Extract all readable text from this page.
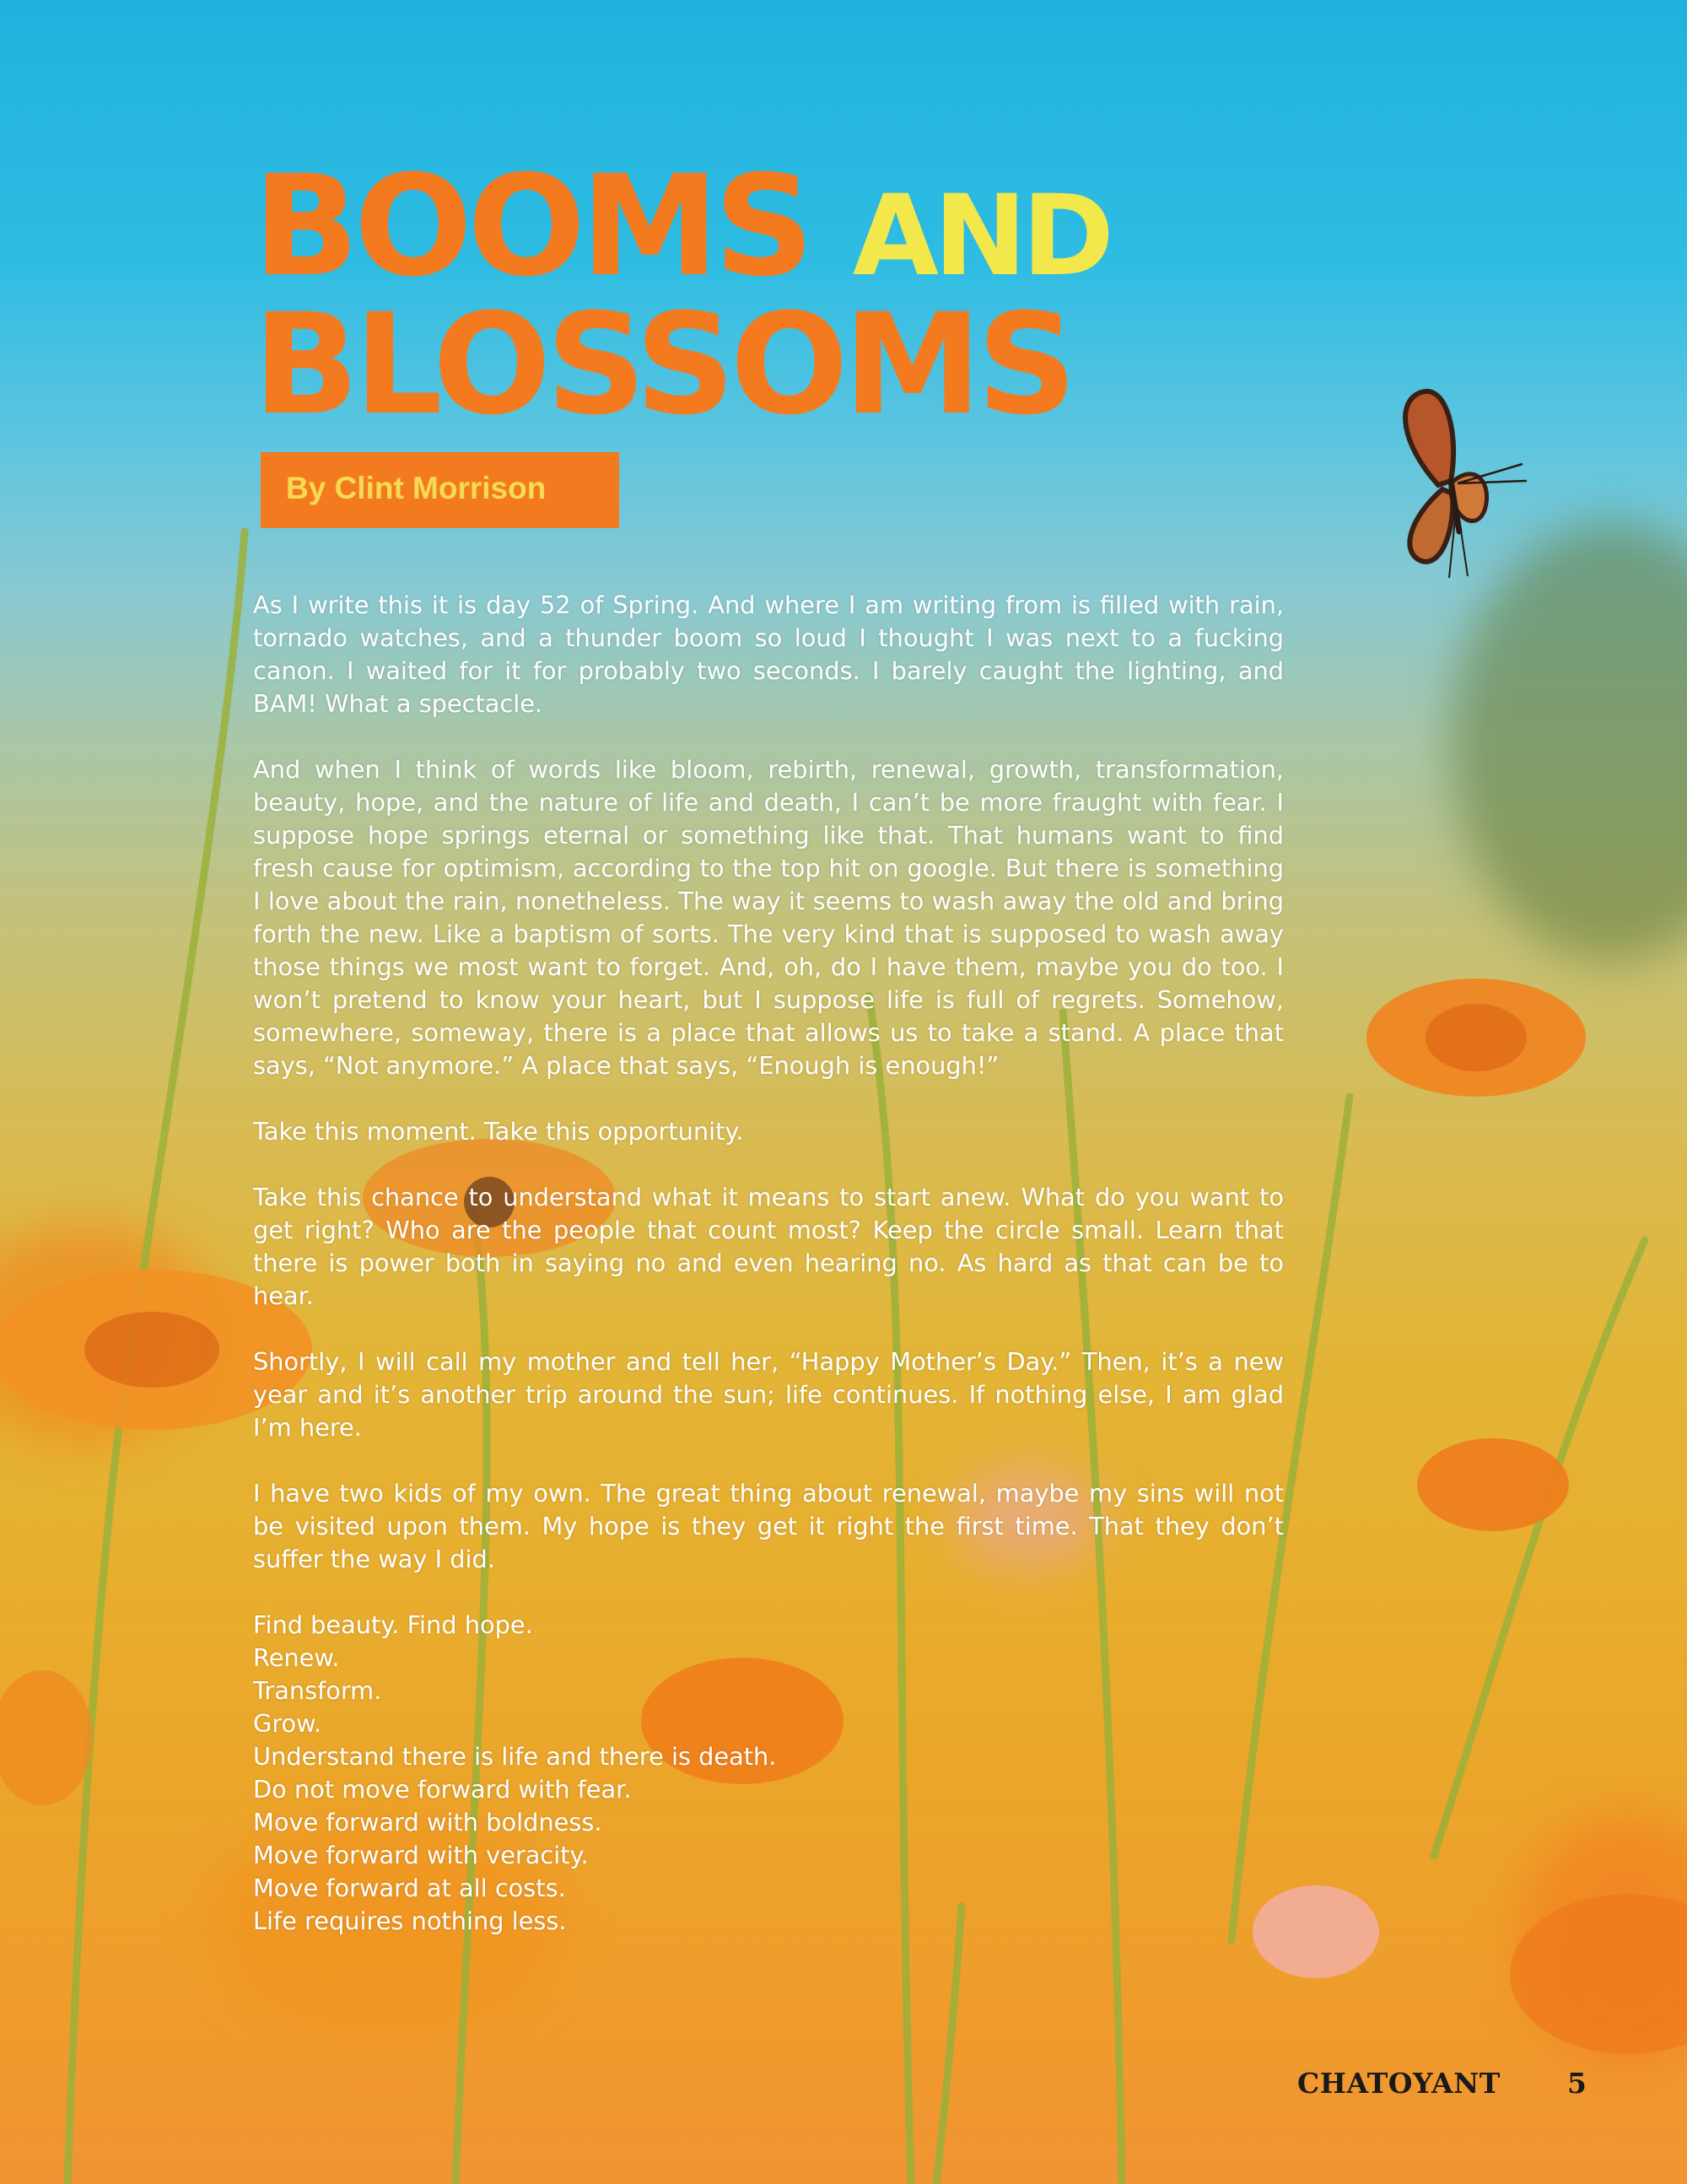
BOOMS AND
BLOSSOMS
By Clint Morrison

As I write this it is day 52 of Spring. And where I am writing from is filled with rain, tornado watches, and a thunder boom so loud I thought I was next to a fucking canon. I waited for it for probably two seconds. I barely caught the lighting, and BAM! What a spectacle.

And when I think of words like bloom, rebirth, renewal, growth, transformation, beauty, hope, and the nature of life and death, I can’t be more fraught with fear. I suppose hope springs eternal or something like that. That humans want to find fresh cause for optimism, according to the top hit on google. But there is something I love about the rain, nonetheless. The way it seems to wash away the old and bring forth the new. Like a baptism of sorts. The very kind that is supposed to wash away those things we most want to forget. And, oh, do I have them, maybe you do too. I won’t pretend to know your heart, but I suppose life is full of regrets. Somehow, somewhere, someway, there is a place that allows us to take a stand. A place that says, “Not anymore.” A place that says, “Enough is enough!”

Take this moment. Take this opportunity.

Take this chance to understand what it means to start anew. What do you want to get right? Who are the people that count most? Keep the circle small. Learn that there is power both in saying no and even hearing no. As hard as that can be to hear.

Shortly, I will call my mother and tell her, “Happy Mother’s Day.” Then, it’s a new year and it’s another trip around the sun; life continues. If nothing else, I am glad I’m here.

I have two kids of my own. The great thing about renewal, maybe my sins will not be visited upon them. My hope is they get it right the first time. That they don’t suffer the way I did.

Find beauty. Find hope.
Renew.
Transform.
Grow.
Understand there is life and there is death.
Do not move forward with fear.
Move forward with boldness.
Move forward with veracity.
Move forward at all costs.
Life requires nothing less.
CHATOYANT 5
